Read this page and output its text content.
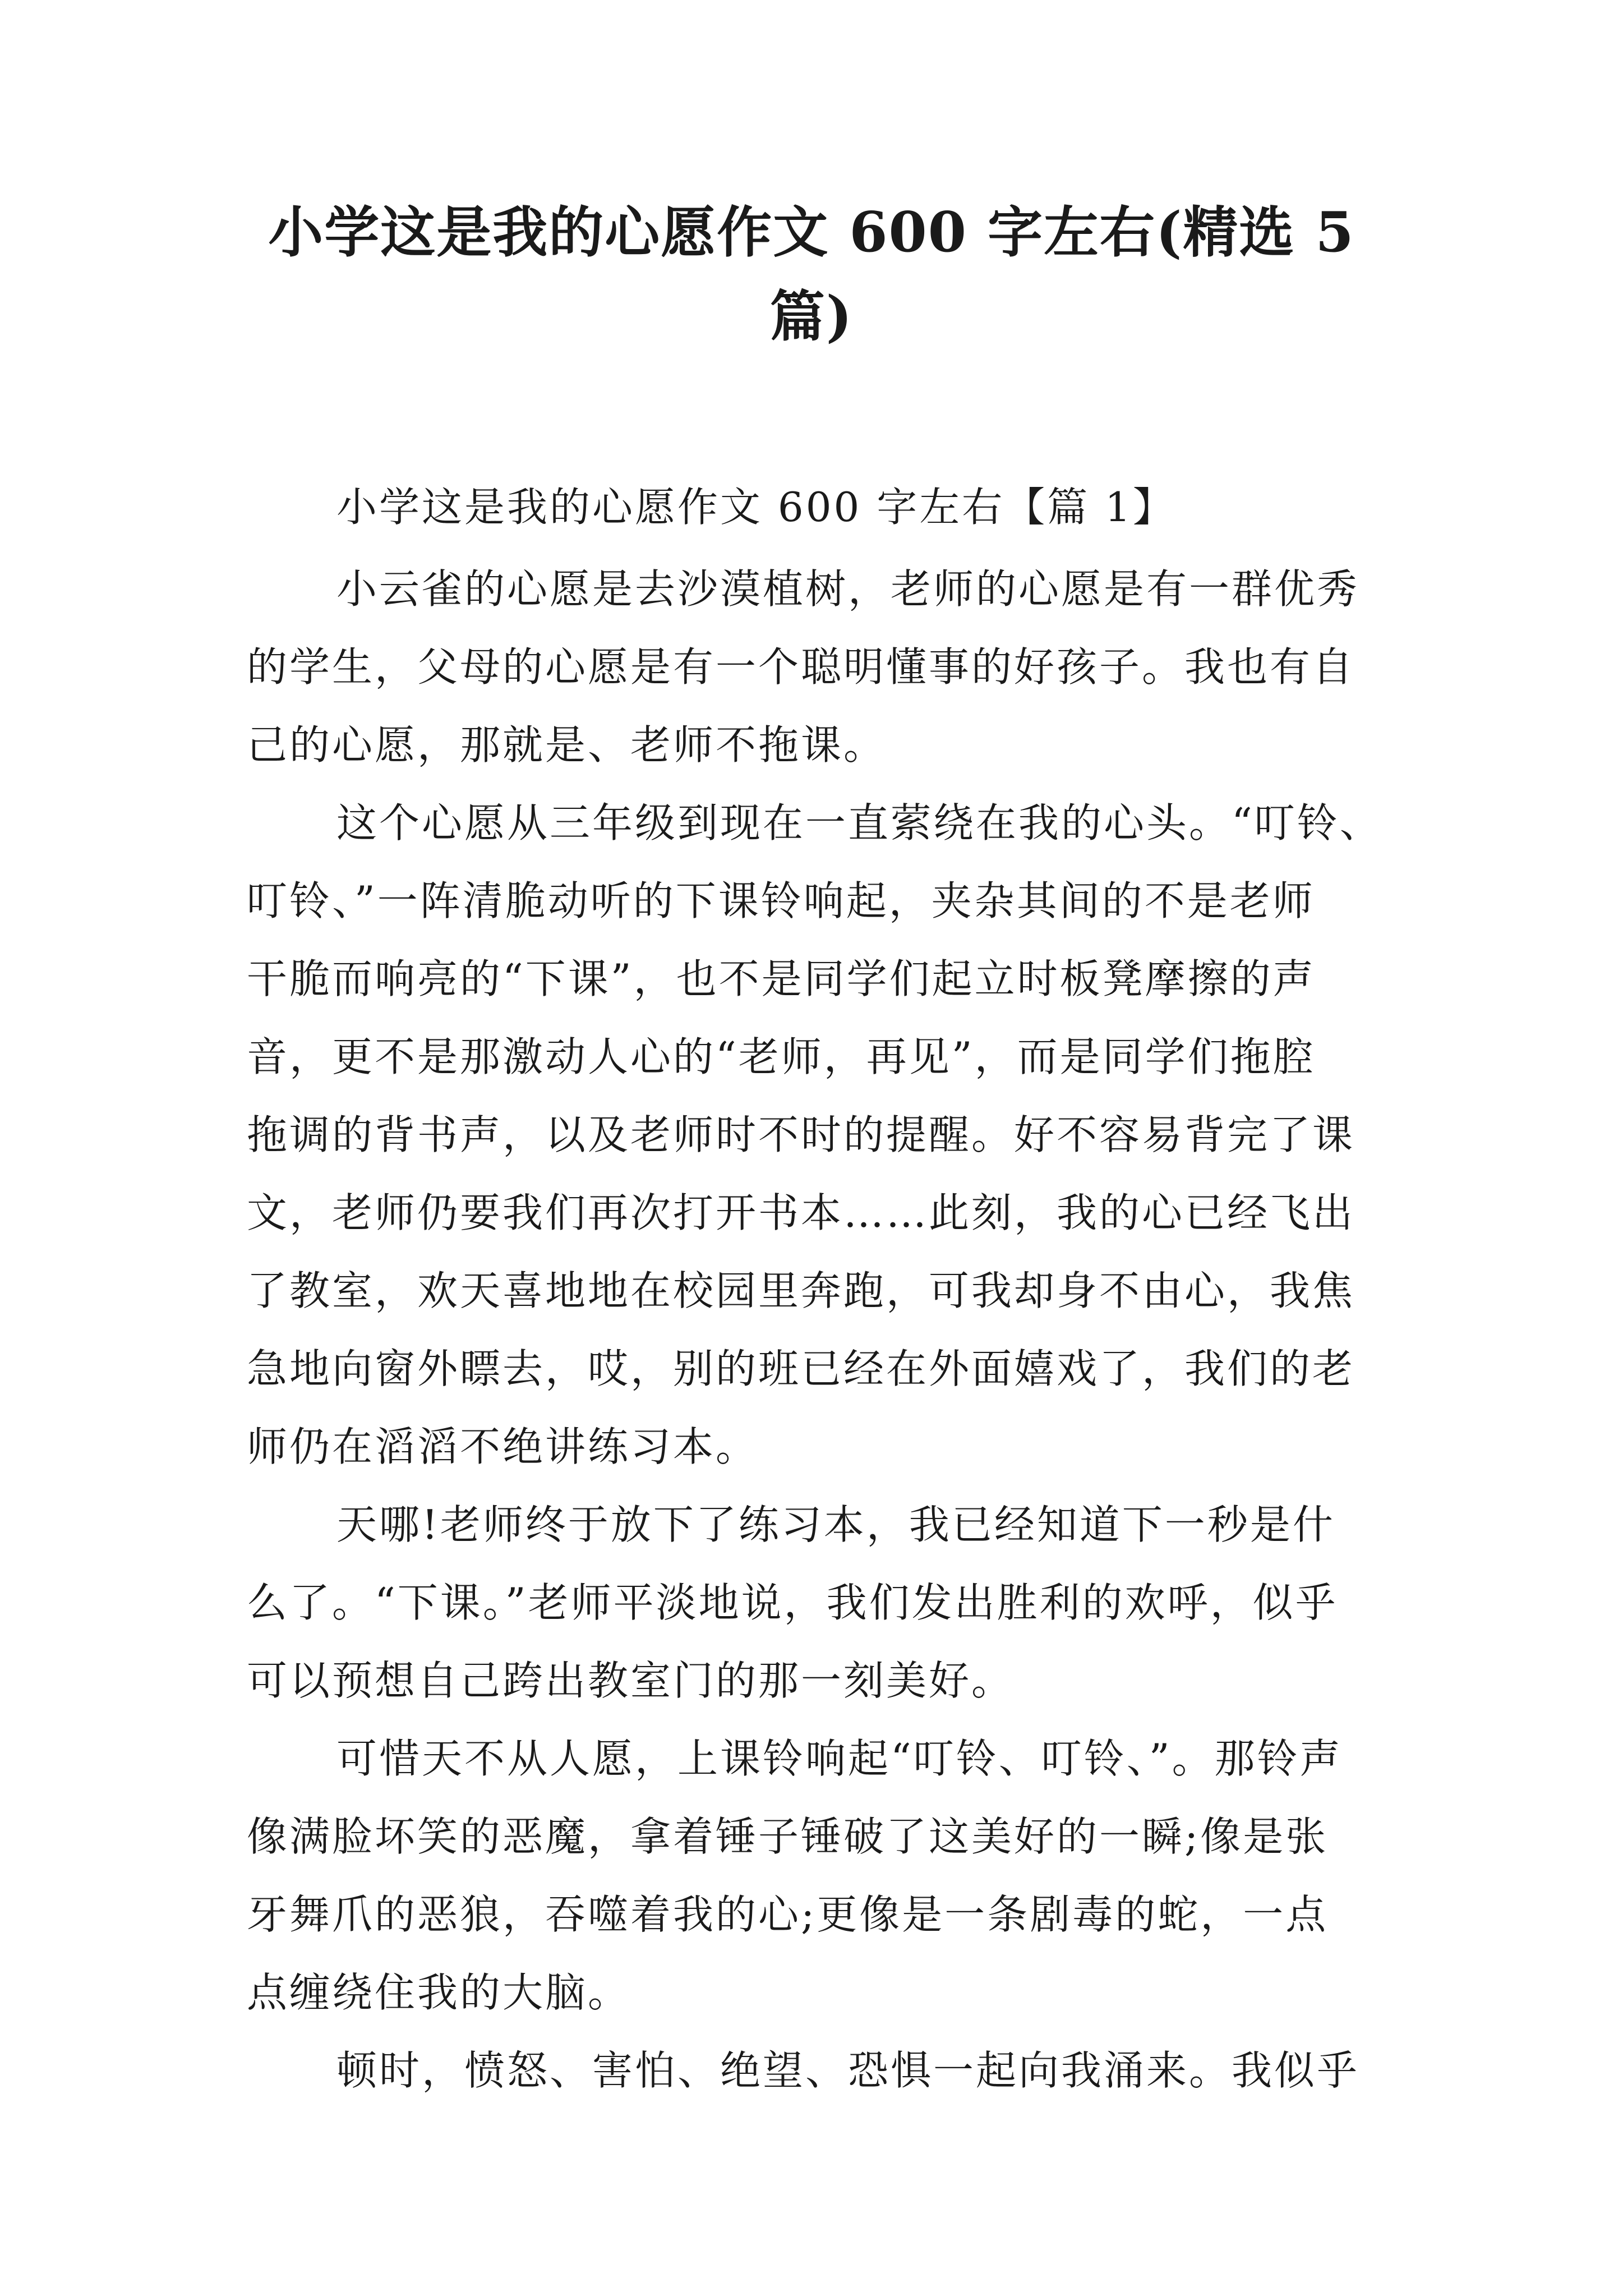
小学这是我的心愿作文 600 字左右(精选 5
篇)
小学这是我的心愿作文 600 字左右【篇 1】
小云雀的心愿是去沙漠植树，老师的心愿是有一群优秀
的学生，父母的心愿是有一个聪明懂事的好孩子。我也有自
己的心愿，那就是、老师不拖课。
这个心愿从三年级到现在一直萦绕在我的心头。“叮铃、
叮铃、”一阵清脆动听的下课铃响起，夹杂其间的不是老师
干脆而响亮的“下课”，也不是同学们起立时板凳摩擦的声
音，更不是那激动人心的“老师，再见”，而是同学们拖腔
拖调的背书声，以及老师时不时的提醒。好不容易背完了课
文，老师仍要我们再次打开书本……此刻，我的心已经飞出
了教室，欢天喜地地在校园里奔跑，可我却身不由心，我焦
急地向窗外瞟去，哎，别的班已经在外面嬉戏了，我们的老
师仍在滔滔不绝讲练习本。
天哪!老师终于放下了练习本，我已经知道下一秒是什
么了。“下课。”老师平淡地说，我们发出胜利的欢呼，似乎
可以预想自己跨出教室门的那一刻美好。
可惜天不从人愿，上课铃响起“叮铃、叮铃、”。那铃声
像满脸坏笑的恶魔，拿着锤子锤破了这美好的一瞬;像是张
牙舞爪的恶狼，吞噬着我的心;更像是一条剧毒的蛇，一点
点缠绕住我的大脑。
顿时，愤怒、害怕、绝望、恐惧一起向我涌来。我似乎
